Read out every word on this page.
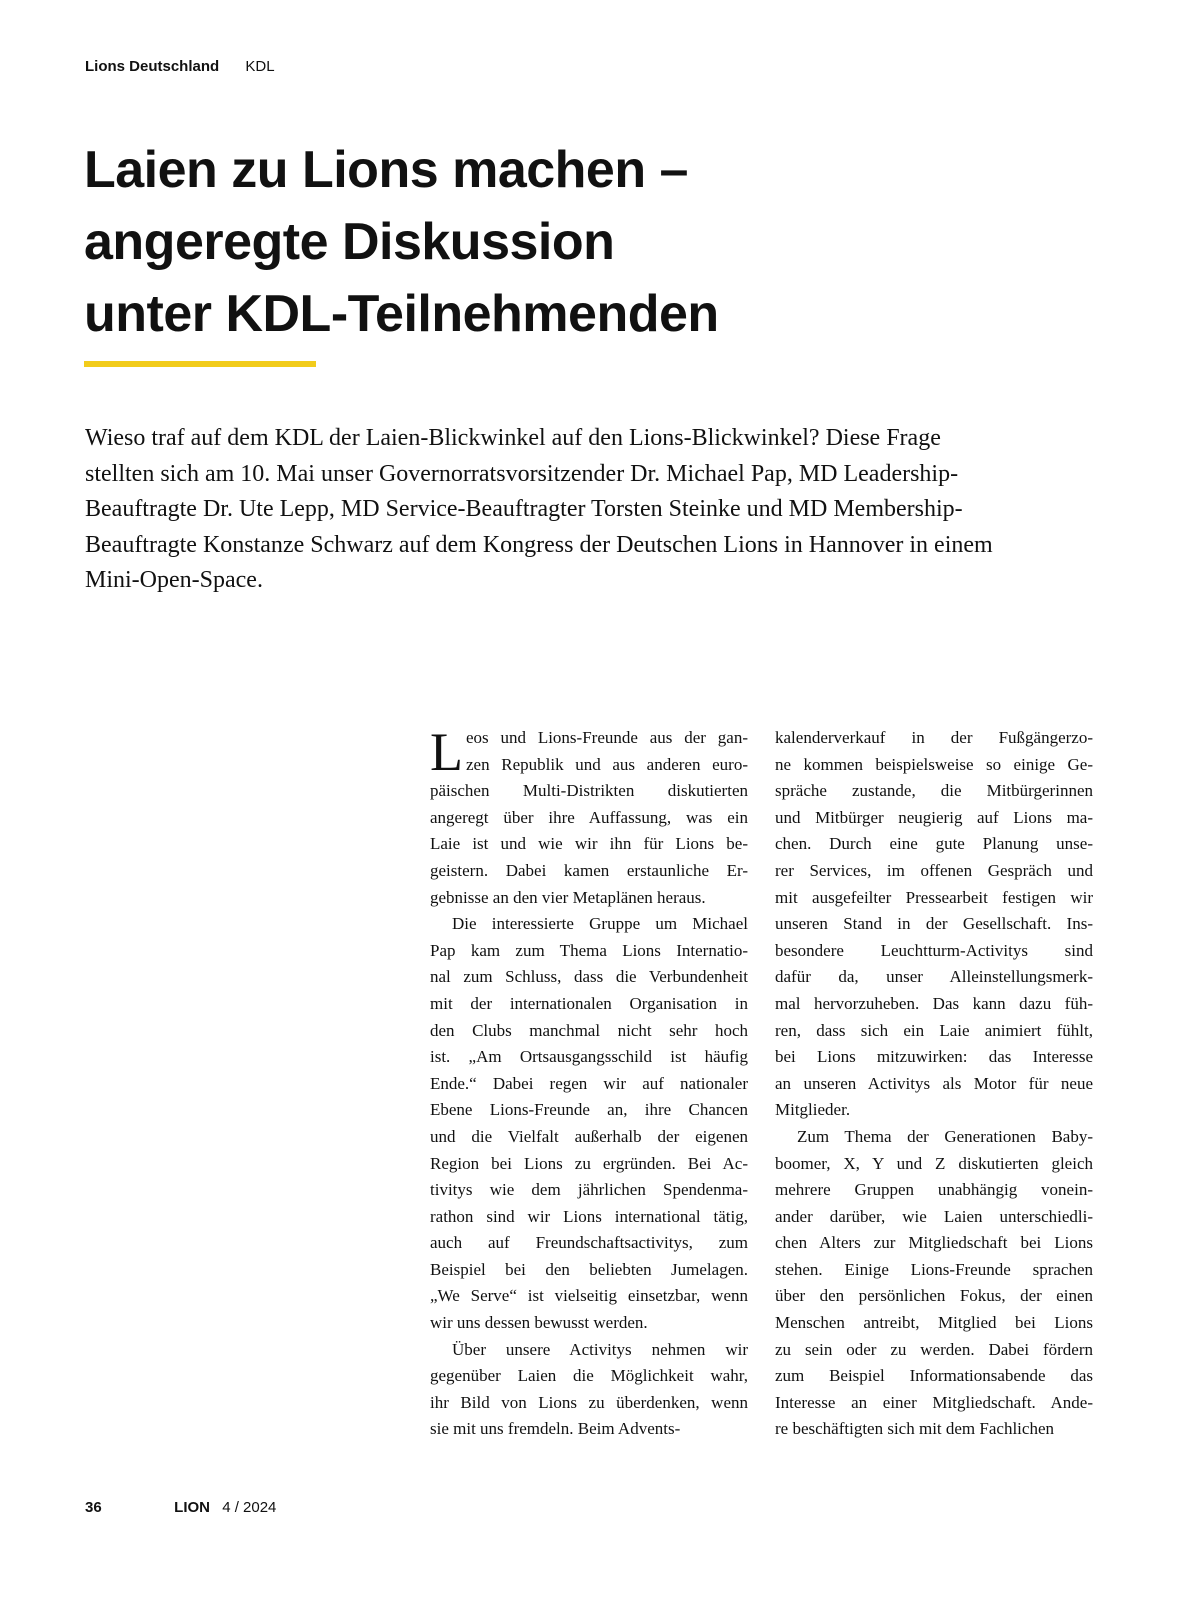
Lions Deutschland KDL
Laien zu Lions machen –
angeregte Diskussion
unter KDL-Teilnehmenden
Wieso traf auf dem KDL der Laien-Blickwinkel auf den Lions-Blickwinkel? Diese Frage
stellten sich am 10. Mai unser Governorratsvorsitzender Dr. Michael Pap, MD Leadership-
Beauftragte Dr. Ute Lepp, MD Service-Beauftragter Torsten Steinke und MD Membership-
Beauftragte Konstanze Schwarz auf dem Kongress der Deutschen Lions in Hannover in einem
Mini-Open-Space.
L eos und Lions-Freunde aus der gan-
zen Republik und aus anderen euro-
päischen Multi-Distrikten diskutierten
angeregt über ihre Auffassung, was ein
Laie ist und wie wir ihn für Lions be-
geistern. Dabei kamen erstaunliche Er-
gebnisse an den vier Metaplänen heraus.
Die interessierte Gruppe um Michael
Pap kam zum Thema Lions Internatio-
nal zum Schluss, dass die Verbundenheit
mit der internationalen Organisation in
den Clubs manchmal nicht sehr hoch
ist. „Am Ortsausgangsschild ist häufig
Ende.“ Dabei regen wir auf nationaler
Ebene Lions-Freunde an, ihre Chancen
und die Vielfalt außerhalb der eigenen
Region bei Lions zu ergründen. Bei Ac-
tivitys wie dem jährlichen Spendenma-
rathon sind wir Lions international tätig,
auch auf Freundschaftsactivitys, zum
Beispiel bei den beliebten Jumelagen.
„We Serve“ ist vielseitig einsetzbar, wenn
wir uns dessen bewusst werden.
Über unsere Activitys nehmen wir
gegenüber Laien die Möglichkeit wahr,
ihr Bild von Lions zu überdenken, wenn
sie mit uns fremdeln. Beim Advents-
kalenderverkauf in der Fußgängerzo-
ne kommen beispielsweise so einige Ge-
spräche zustande, die Mitbürgerinnen
und Mitbürger neugierig auf Lions ma-
chen. Durch eine gute Planung unse-
rer Services, im offenen Gespräch und
mit ausgefeilter Pressearbeit festigen wir
unseren Stand in der Gesellschaft. Ins-
besondere Leuchtturm-Activitys sind
dafür da, unser Alleinstellungsmerk-
mal hervorzuheben. Das kann dazu füh-
ren, dass sich ein Laie animiert fühlt,
bei Lions mitzuwirken: das Interesse
an unseren Activitys als Motor für neue
Mitglieder.
Zum Thema der Generationen Baby-
boomer, X, Y und Z diskutierten gleich
mehrere Gruppen unabhängig vonein-
ander darüber, wie Laien unterschiedli-
chen Alters zur Mitgliedschaft bei Lions
stehen. Einige Lions-Freunde sprachen
über den persönlichen Fokus, der einen
Menschen antreibt, Mitglied bei Lions
zu sein oder zu werden. Dabei fördern
zum Beispiel Informationsabende das
Interesse an einer Mitgliedschaft. Ande-
re beschäftigten sich mit dem Fachlichen
36	LION 4 / 2024
